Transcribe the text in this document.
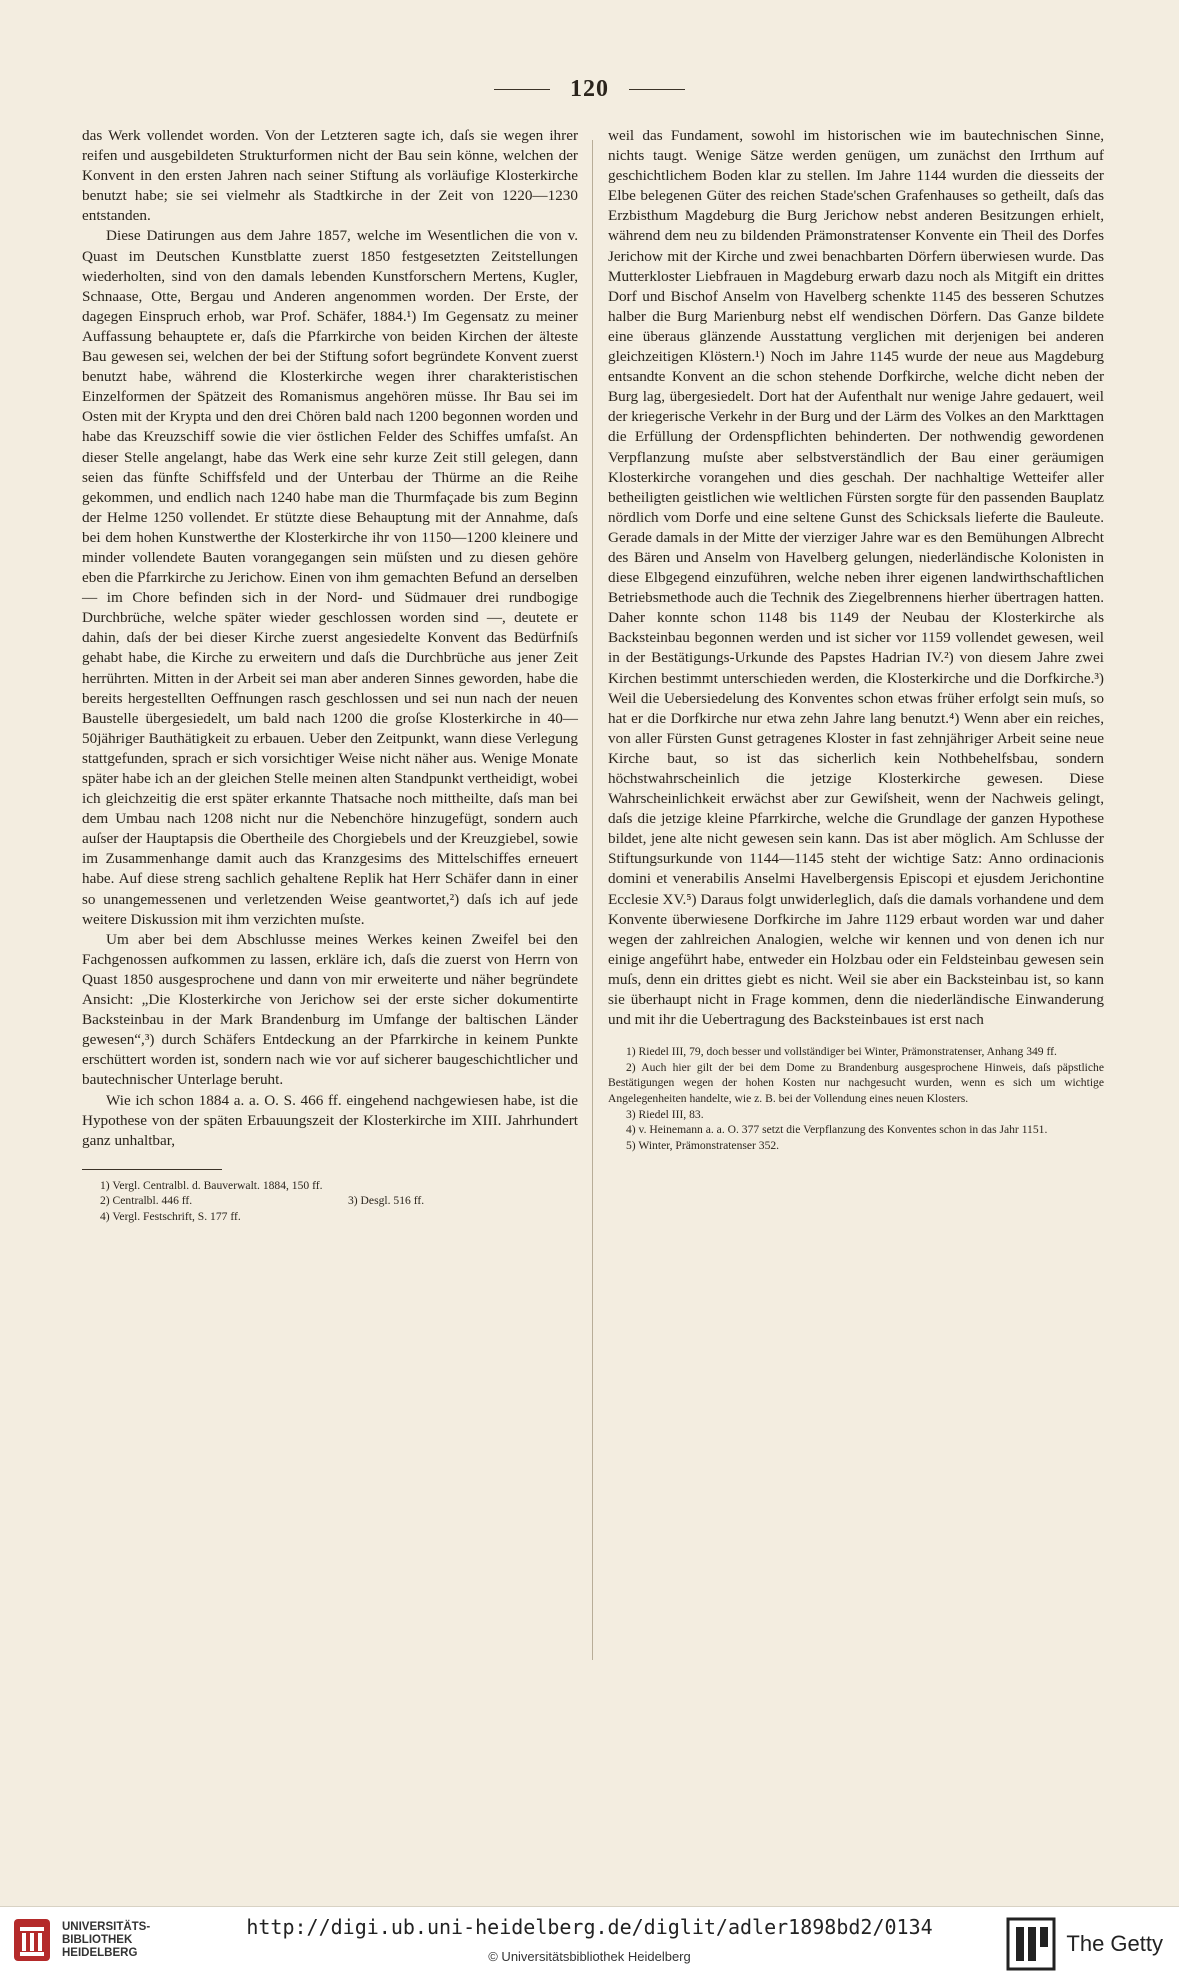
120

das Werk vollendet worden. Von der Letzteren sagte ich, daſs sie wegen ihrer reifen und ausgebildeten Strukturformen nicht der Bau sein könne, welchen der Konvent in den ersten Jahren nach seiner Stiftung als vorläufige Klosterkirche benutzt habe; sie sei vielmehr als Stadtkirche in der Zeit von 1220—1230 entstanden.

Diese Datirungen aus dem Jahre 1857, welche im Wesentlichen die von v. Quast im Deutschen Kunstblatte zuerst 1850 festgesetzten Zeitstellungen wiederholten, sind von den damals lebenden Kunstforschern Mertens, Kugler, Schnaase, Otte, Bergau und Anderen angenommen worden. Der Erste, der dagegen Einspruch erhob, war Prof. Schäfer, 1884.¹) Im Gegensatz zu meiner Auffassung behauptete er, daſs die Pfarrkirche von beiden Kirchen der älteste Bau gewesen sei, welchen der bei der Stiftung sofort begründete Konvent zuerst benutzt habe, während die Klosterkirche wegen ihrer charakteristischen Einzelformen der Spätzeit des Romanismus angehören müsse. Ihr Bau sei im Osten mit der Krypta und den drei Chören bald nach 1200 begonnen worden und habe das Kreuzschiff sowie die vier östlichen Felder des Schiffes umfaſst. An dieser Stelle angelangt, habe das Werk eine sehr kurze Zeit still gelegen, dann seien das fünfte Schiffsfeld und der Unterbau der Thürme an die Reihe gekommen, und endlich nach 1240 habe man die Thurmfaçade bis zum Beginn der Helme 1250 vollendet. Er stützte diese Behauptung mit der Annahme, daſs bei dem hohen Kunstwerthe der Klosterkirche ihr von 1150—1200 kleinere und minder vollendete Bauten vorangegangen sein müſsten und zu diesen gehöre eben die Pfarrkirche zu Jerichow. Einen von ihm gemachten Befund an derselben — im Chore befinden sich in der Nord- und Südmauer drei rundbogige Durchbrüche, welche später wieder geschlossen worden sind —, deutete er dahin, daſs der bei dieser Kirche zuerst angesiedelte Konvent das Bedürfniſs gehabt habe, die Kirche zu erweitern und daſs die Durchbrüche aus jener Zeit herrührten. Mitten in der Arbeit sei man aber anderen Sinnes geworden, habe die bereits hergestellten Oeffnungen rasch geschlossen und sei nun nach der neuen Baustelle übergesiedelt, um bald nach 1200 die groſse Klosterkirche in 40—50jähriger Bauthätigkeit zu erbauen. Ueber den Zeitpunkt, wann diese Verlegung stattgefunden, sprach er sich vorsichtiger Weise nicht näher aus. Wenige Monate später habe ich an der gleichen Stelle meinen alten Standpunkt vertheidigt, wobei ich gleichzeitig die erst später erkannte Thatsache noch mittheilte, daſs man bei dem Umbau nach 1208 nicht nur die Nebenchöre hinzugefügt, sondern auch auſser der Hauptapsis die Obertheile des Chorgiebels und der Kreuzgiebel, sowie im Zusammenhange damit auch das Kranzgesims des Mittelschiffes erneuert habe. Auf diese streng sachlich gehaltene Replik hat Herr Schäfer dann in einer so unangemessenen und verletzenden Weise geantwortet,²) daſs ich auf jede weitere Diskussion mit ihm verzichten muſste.

Um aber bei dem Abschlusse meines Werkes keinen Zweifel bei den Fachgenossen aufkommen zu lassen, erkläre ich, daſs die zuerst von Herrn von Quast 1850 ausgesprochene und dann von mir erweiterte und näher begründete Ansicht: „Die Klosterkirche von Jerichow sei der erste sicher dokumentirte Backsteinbau in der Mark Brandenburg im Umfange der baltischen Länder gewesen“,³) durch Schäfers Entdeckung an der Pfarrkirche in keinem Punkte erschüttert worden ist, sondern nach wie vor auf sicherer baugeschichtlicher und bautechnischer Unterlage beruht.

Wie ich schon 1884 a. a. O. S. 466 ff. eingehend nachgewiesen habe, ist die Hypothese von der späten Erbauungszeit der Klosterkirche im XIII. Jahrhundert ganz unhaltbar,

1) Vergl. Centralbl. d. Bauverwalt. 1884, 150 ff.
2) Centralbl. 446 ff.	3) Desgl. 516 ff.
4) Vergl. Festschrift, S. 177 ff.

weil das Fundament, sowohl im historischen wie im bautechnischen Sinne, nichts taugt. Wenige Sätze werden genügen, um zunächst den Irrthum auf geschichtlichem Boden klar zu stellen. Im Jahre 1144 wurden die diesseits der Elbe belegenen Güter des reichen Stade'schen Grafenhauses so getheilt, daſs das Erzbisthum Magdeburg die Burg Jerichow nebst anderen Besitzungen erhielt, während dem neu zu bildenden Prämonstratenser Konvente ein Theil des Dorfes Jerichow mit der Kirche und zwei benachbarten Dörfern überwiesen wurde. Das Mutterkloster Liebfrauen in Magdeburg erwarb dazu noch als Mitgift ein drittes Dorf und Bischof Anselm von Havelberg schenkte 1145 des besseren Schutzes halber die Burg Marienburg nebst elf wendischen Dörfern. Das Ganze bildete eine überaus glänzende Ausstattung verglichen mit derjenigen bei anderen gleichzeitigen Klöstern.¹) Noch im Jahre 1145 wurde der neue aus Magdeburg entsandte Konvent an die schon stehende Dorfkirche, welche dicht neben der Burg lag, übergesiedelt. Dort hat der Aufenthalt nur wenige Jahre gedauert, weil der kriegerische Verkehr in der Burg und der Lärm des Volkes an den Markttagen die Erfüllung der Ordenspflichten behinderten. Der nothwendig gewordenen Verpflanzung muſste aber selbstverständlich der Bau einer geräumigen Klosterkirche vorangehen und dies geschah. Der nachhaltige Wetteifer aller betheiligten geistlichen wie weltlichen Fürsten sorgte für den passenden Bauplatz nördlich vom Dorfe und eine seltene Gunst des Schicksals lieferte die Bauleute. Gerade damals in der Mitte der vierziger Jahre war es den Bemühungen Albrecht des Bären und Anselm von Havelberg gelungen, niederländische Kolonisten in diese Elbgegend einzuführen, welche neben ihrer eigenen landwirthschaftlichen Betriebsmethode auch die Technik des Ziegelbrennens hierher übertragen hatten. Daher konnte schon 1148 bis 1149 der Neubau der Klosterkirche als Backsteinbau begonnen werden und ist sicher vor 1159 vollendet gewesen, weil in der Bestätigungs-Urkunde des Papstes Hadrian IV.²) von diesem Jahre zwei Kirchen bestimmt unterschieden werden, die Klosterkirche und die Dorfkirche.³) Weil die Uebersiedelung des Konventes schon etwas früher erfolgt sein muſs, so hat er die Dorfkirche nur etwa zehn Jahre lang benutzt.⁴) Wenn aber ein reiches, von aller Fürsten Gunst getragenes Kloster in fast zehnjähriger Arbeit seine neue Kirche baut, so ist das sicherlich kein Nothbehelfsbau, sondern höchstwahrscheinlich die jetzige Klosterkirche gewesen. Diese Wahrscheinlichkeit erwächst aber zur Gewiſsheit, wenn der Nachweis gelingt, daſs die jetzige kleine Pfarrkirche, welche die Grundlage der ganzen Hypothese bildet, jene alte nicht gewesen sein kann. Das ist aber möglich. Am Schlusse der Stiftungsurkunde von 1144—1145 steht der wichtige Satz: Anno ordinacionis domini et venerabilis Anselmi Havelbergensis Episcopi et ejusdem Jerichontine Ecclesie XV.⁵) Daraus folgt unwiderleglich, daſs die damals vorhandene und dem Konvente überwiesene Dorfkirche im Jahre 1129 erbaut worden war und daher wegen der zahlreichen Analogien, welche wir kennen und von denen ich nur einige angeführt habe, entweder ein Holzbau oder ein Feldsteinbau gewesen sein muſs, denn ein drittes giebt es nicht. Weil sie aber ein Backsteinbau ist, so kann sie überhaupt nicht in Frage kommen, denn die niederländische Einwanderung und mit ihr die Uebertragung des Backsteinbaues ist erst nach

1) Riedel III, 79, doch besser und vollständiger bei Winter, Prämonstratenser, Anhang 349 ff.
2) Auch hier gilt der bei dem Dome zu Brandenburg ausgesprochene Hinweis, daſs päpstliche Bestätigungen wegen der hohen Kosten nur nachgesucht wurden, wenn es sich um wichtige Angelegenheiten handelte, wie z. B. bei der Vollendung eines neuen Klosters.
3) Riedel III, 83.
4) v. Heinemann a. a. O. 377 setzt die Verpflanzung des Konventes schon in das Jahr 1151.
5) Winter, Prämonstratenser 352.
UNIVERSITÄTS-
BIBLIOTHEK
HEIDELBERG
http://digi.ub.uni-heidelberg.de/diglit/adler1898bd2/0134
© Universitätsbibliothek Heidelberg
The Getty
